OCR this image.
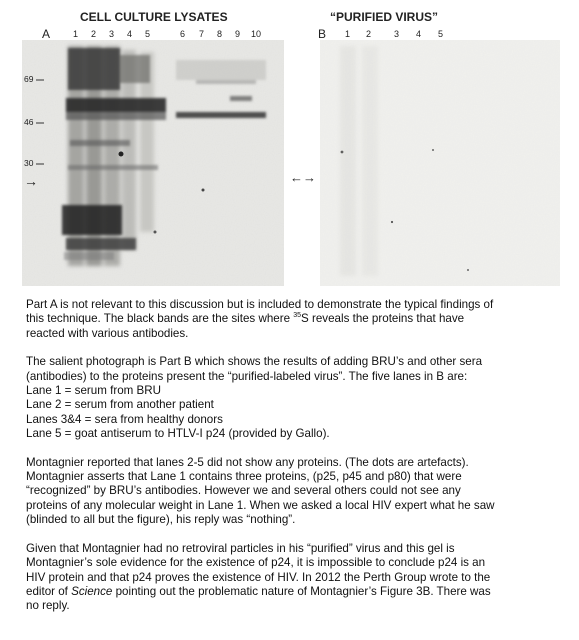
CELL CULTURE LYSATES	“PURIFIED VIRUS”
A	B
1 2 3 4 5	6 7 8 9 10	1 2	3 4 5
69
46
30
→	←→

Part A is not relevant to this discussion but is included to demonstrate the typical findings of
this technique. The black bands are the sites where $^{35}$S reveals the proteins that have
reacted with various antibodies.

The salient photograph is Part B which shows the results of adding BRU’s and other sera
(antibodies) to the proteins present the “purified-labeled virus”. The five lanes in B are:
Lane 1 = serum from BRU
Lane 2 = serum from another patient
Lanes 3&4 = sera from healthy donors
Lane 5 = goat antiserum to HTLV-I p24 (provided by Gallo).

Montagnier reported that lanes 2-5 did not show any proteins. (The dots are artefacts).
Montagnier asserts that Lane 1 contains three proteins, (p25, p45 and p80) that were
“recognized” by BRU’s antibodies. However we and several others could not see any
proteins of any molecular weight in Lane 1. When we asked a local HIV expert what he saw
(blinded to all but the figure), his reply was “nothing”.

Given that Montagnier had no retroviral particles in his “purified” virus and this gel is
Montagnier’s sole evidence for the existence of p24, it is impossible to conclude p24 is an
HIV protein and that p24 proves the existence of HIV. In 2012 the Perth Group wrote to the
editor of Science pointing out the problematic nature of Montagnier’s Figure 3B. There was
no reply.
